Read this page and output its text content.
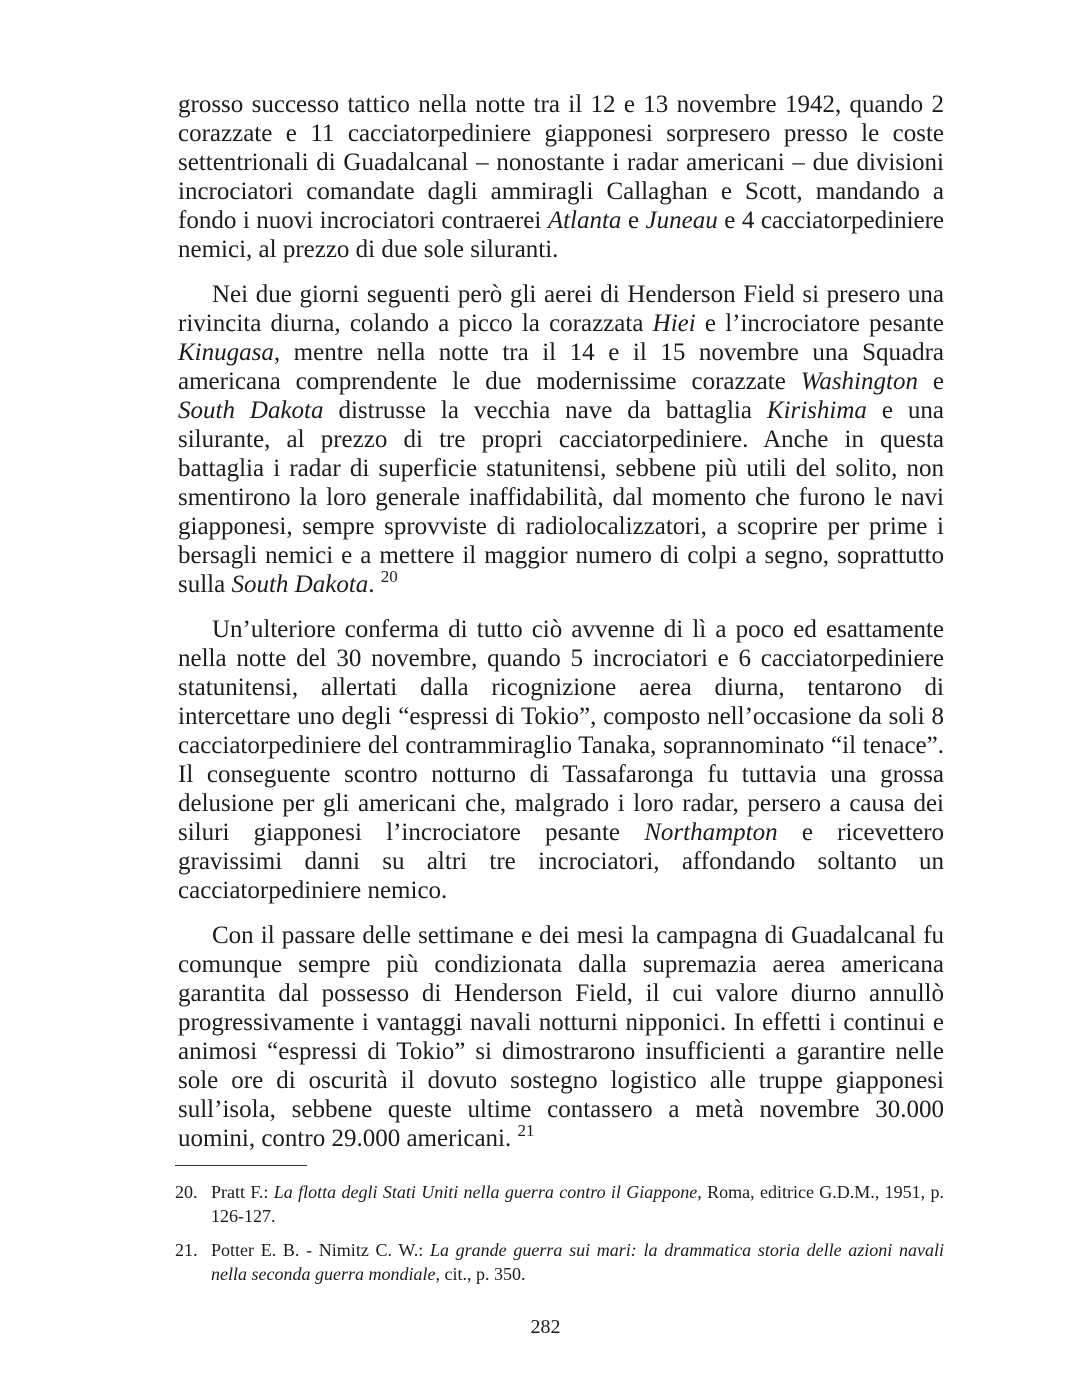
grosso successo tattico nella notte tra il 12 e 13 novembre 1942, quando 2 corazzate e 11 cacciatorpediniere giapponesi sorpresero presso le coste settentrionali di Guadalcanal – nonostante i radar americani – due divisioni incrociatori comandate dagli ammiragli Callaghan e Scott, mandando a fondo i nuovi incrociatori contraerei Atlanta e Juneau e 4 cacciatorpediniere nemici, al prezzo di due sole siluranti.

Nei due giorni seguenti però gli aerei di Henderson Field si presero una rivincita diurna, colando a picco la corazzata Hiei e l’incrociatore pesante Kinugasa, mentre nella notte tra il 14 e il 15 novembre una Squadra americana comprendente le due modernissime corazzate Washington e South Dakota distrusse la vecchia nave da battaglia Kirishima e una silurante, al prezzo di tre propri cacciatorpediniere. Anche in questa battaglia i radar di superficie statunitensi, sebbene più utili del solito, non smentirono la loro generale inaffidabilità, dal momento che furono le navi giapponesi, sempre sprovviste di radiolocalizzatori, a scoprire per prime i bersagli nemici e a mettere il maggior numero di colpi a segno, soprattutto sulla South Dakota. $^{20}$

Un’ulteriore conferma di tutto ciò avvenne di lì a poco ed esattamente nella notte del 30 novembre, quando 5 incrociatori e 6 cacciatorpediniere statunitensi, allertati dalla ricognizione aerea diurna, tentarono di intercettare uno degli “espressi di Tokio”, composto nell’occasione da soli 8 cacciatorpediniere del contrammiraglio Tanaka, soprannominato “il tenace”. Il conseguente scontro notturno di Tassafaronga fu tuttavia una grossa delusione per gli americani che, malgrado i loro radar, persero a causa dei siluri giapponesi l’incrociatore pesante Northampton e ricevettero gravissimi danni su altri tre incrociatori, affondando soltanto un cacciatorpediniere nemico.

Con il passare delle settimane e dei mesi la campagna di Guadalcanal fu comunque sempre più condizionata dalla supremazia aerea americana garantita dal possesso di Henderson Field, il cui valore diurno annullò progressivamente i vantaggi navali notturni nipponici. In effetti i continui e animosi “espressi di Tokio” si dimostrarono insufficienti a garantire nelle sole ore di oscurità il dovuto sostegno logistico alle truppe giapponesi sull’isola, sebbene queste ultime contassero a metà novembre 30.000 uomini, contro 29.000 americani. $^{21}$

20. Pratt F.: La flotta degli Stati Uniti nella guerra contro il Giappone, Roma, editrice G.D.M., 1951, p. 126-127.
21. Potter E. B. - Nimitz C. W.: La grande guerra sui mari: la drammatica storia delle azioni navali nella seconda guerra mondiale, cit., p. 350.
282
